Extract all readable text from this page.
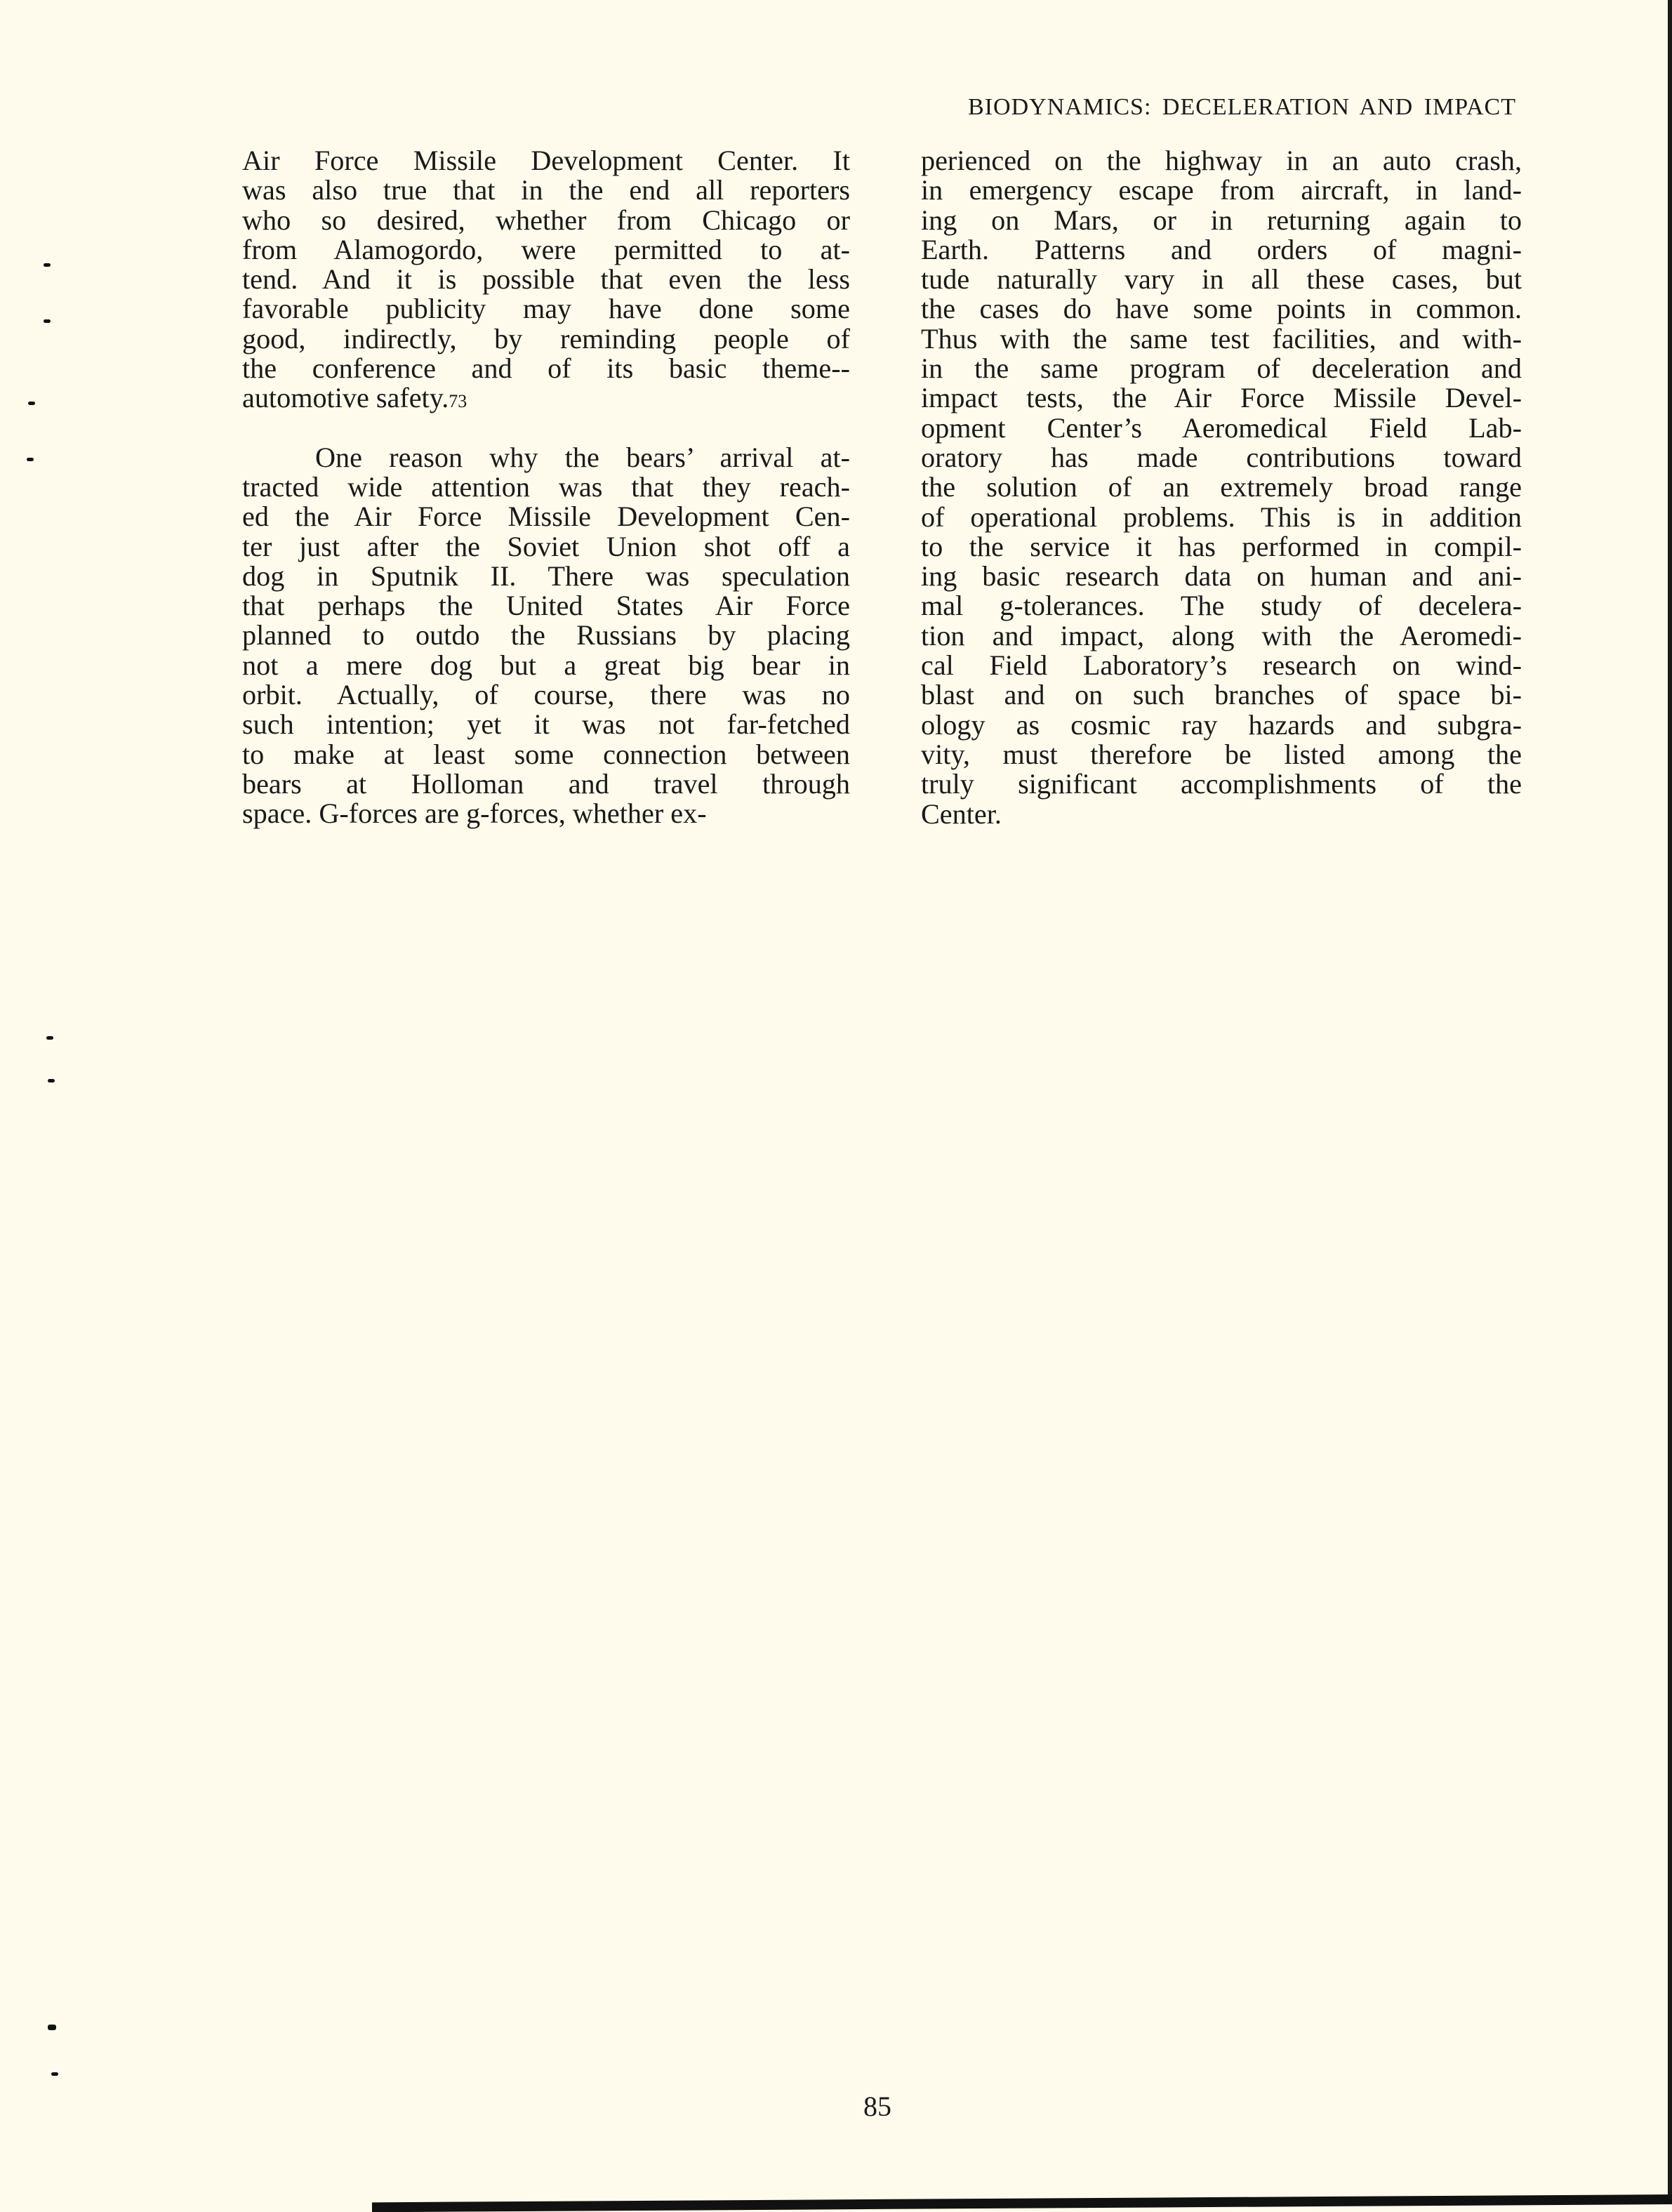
BIODYNAMICS: DECELERATION AND IMPACT
Air Force Missile Development Center. It
was also true that in the end all reporters
who so desired, whether from Chicago or
from Alamogordo, were permitted to at-
tend. And it is possible that even the less
favorable publicity may have done some
good, indirectly, by reminding people of
the conference and of its basic theme--
automotive safety.73
One reason why the bears’ arrival at-
tracted wide attention was that they reach-
ed the Air Force Missile Development Cen-
ter just after the Soviet Union shot off a
dog in Sputnik II. There was speculation
that perhaps the United States Air Force
planned to outdo the Russians by placing
not a mere dog but a great big bear in
orbit. Actually, of course, there was no
such intention; yet it was not far-fetched
to make at least some connection between
bears at Holloman and travel through
space. G-forces are g-forces, whether ex-
perienced on the highway in an auto crash,
in emergency escape from aircraft, in land-
ing on Mars, or in returning again to
Earth. Patterns and orders of magni-
tude naturally vary in all these cases, but
the cases do have some points in common.
Thus with the same test facilities, and with-
in the same program of deceleration and
impact tests, the Air Force Missile Devel-
opment Center’s Aeromedical Field Lab-
oratory has made contributions toward
the solution of an extremely broad range
of operational problems. This is in addition
to the service it has performed in compil-
ing basic research data on human and ani-
mal g-tolerances. The study of decelera-
tion and impact, along with the Aeromedi-
cal Field Laboratory’s research on wind-
blast and on such branches of space bi-
ology as cosmic ray hazards and subgra-
vity, must therefore be listed among the
truly significant accomplishments of the
Center.
85
